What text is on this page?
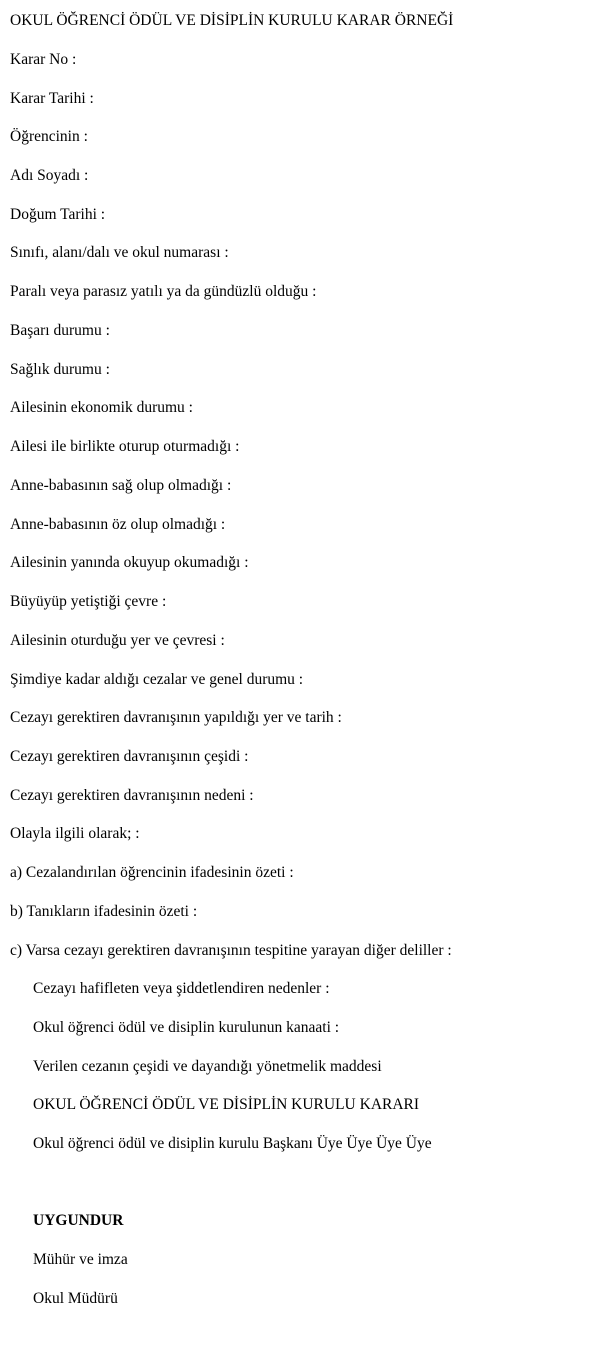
OKUL ÖĞRENCİ ÖDÜL VE DİSİPLİN KURULU KARAR ÖRNEĞİ

Karar No :

Karar Tarihi :

Öğrencinin :

Adı Soyadı :

Doğum Tarihi :

Sınıfı, alanı/dalı ve okul numarası :

Paralı veya parasız yatılı ya da gündüzlü olduğu :

Başarı durumu :

Sağlık durumu :

Ailesinin ekonomik durumu :

Ailesi ile birlikte oturup oturmadığı :

Anne-babasının sağ olup olmadığı :

Anne-babasının öz olup olmadığı :

Ailesinin yanında okuyup okumadığı :

Büyüyüp yetiştiği çevre :

Ailesinin oturduğu yer ve çevresi :

Şimdiye kadar aldığı cezalar ve genel durumu :

Cezayı gerektiren davranışının yapıldığı yer ve tarih :

Cezayı gerektiren davranışının çeşidi :

Cezayı gerektiren davranışının nedeni :

Olayla ilgili olarak; :

a) Cezalandırılan öğrencinin ifadesinin özeti :

b) Tanıkların ifadesinin özeti :

c) Varsa cezayı gerektiren davranışının tespitine yarayan diğer deliller :

Cezayı hafifleten veya şiddetlendiren nedenler :

Okul öğrenci ödül ve disiplin kurulunun kanaati :

Verilen cezanın çeşidi ve dayandığı yönetmelik maddesi

OKUL ÖĞRENCİ ÖDÜL VE DİSİPLİN KURULU KARARI

Okul öğrenci ödül ve disiplin kurulu Başkanı Üye Üye Üye Üye

UYGUNDUR

Mühür ve imza

Okul Müdürü
